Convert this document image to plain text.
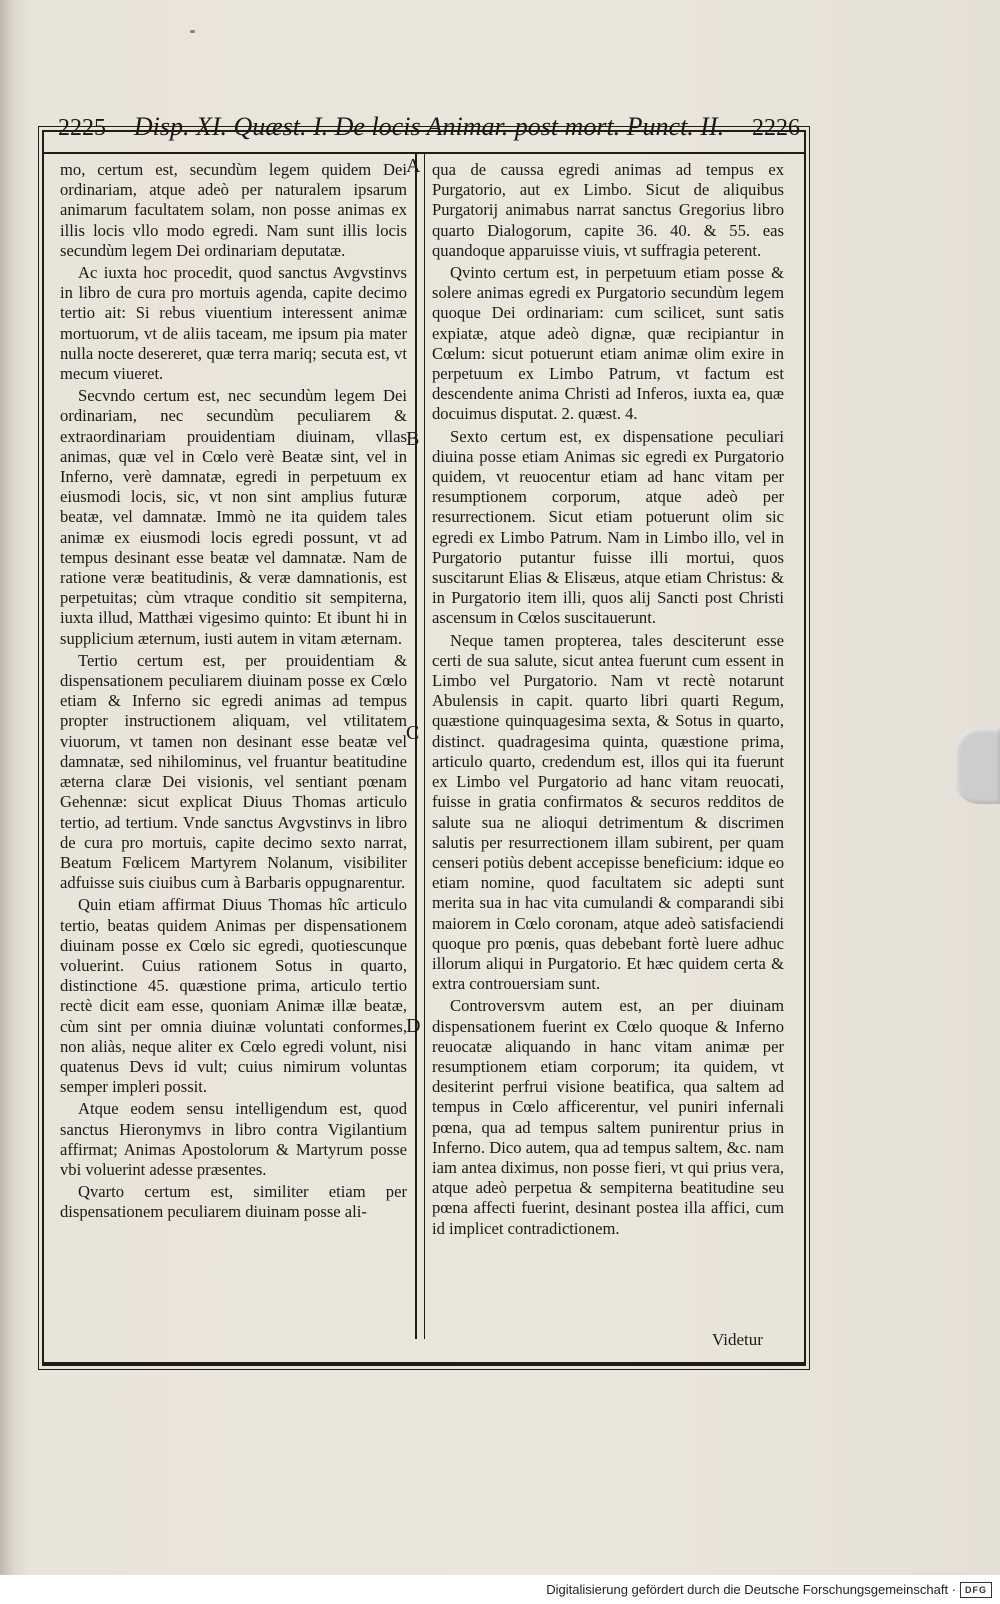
2225 Disp. XI. Quæst. I. De locis Animar. post mort. Punct. II. 2226

mo, certum est, secundùm legem quidem Dei ordinariam, atque adeò per naturalem ipsarum animarum facultatem solam, non posse animas ex illis locis vllo modo egredi. Nam sunt illis locis secundùm legem Dei ordinariam deputatæ.

Ac iuxta hoc procedit, quod sanctus Avgvstinvs in libro de cura pro mortuis agenda, capite decimo tertio ait: Si rebus viuentium interessent animæ mortuorum, vt de aliis taceam, me ipsum pia mater nulla nocte desereret, quæ terra mariq; secuta est, vt mecum viueret.

Secvndo certum est, nec secundùm legem Dei ordinariam, nec secundùm peculiarem & extraordinariam prouidentiam diuinam, vllas animas, quæ vel in Cœlo verè Beatæ sint, vel in Inferno, verè damnatæ, egredi in perpetuum ex eiusmodi locis, sic, vt non sint amplius futuræ beatæ, vel damnatæ. Immò ne ita quidem tales animæ ex eiusmodi locis egredi possunt, vt ad tempus desinant esse beatæ vel damnatæ. Nam de ratione veræ beatitudinis, & veræ damnationis, est perpetuitas; cùm vtraque conditio sit sempiterna, iuxta illud, Matthæi vigesimo quinto: Et ibunt hi in supplicium æternum, iusti autem in vitam æternam.

Tertio certum est, per prouidentiam & dispensationem peculiarem diuinam posse ex Cœlo etiam & Inferno sic egredi animas ad tempus propter instructionem aliquam, vel vtilitatem viuorum, vt tamen non desinant esse beatæ vel damnatæ, sed nihilominus, vel fruantur beatitudine æterna claræ Dei visionis, vel sentiant pœnam Gehennæ: sicut explicat Diuus Thomas articulo tertio, ad tertium. Vnde sanctus Avgvstinvs in libro de cura pro mortuis, capite decimo sexto narrat, Beatum Fœlicem Martyrem Nolanum, visibiliter adfuisse suis ciuibus cum à Barbaris oppugnarentur.

Quin etiam affirmat Diuus Thomas hîc articulo tertio, beatas quidem Animas per dispensationem diuinam posse ex Cœlo sic egredi, quotiescunque voluerint. Cuius rationem Sotus in quarto, distinctione 45. quæstione prima, articulo tertio rectè dicit eam esse, quoniam Animæ illæ beatæ, cùm sint per omnia diuinæ voluntati conformes, non aliàs, neque aliter ex Cœlo egredi volunt, nisi quatenus Devs id vult; cuius nimirum voluntas semper impleri possit.

Atque eodem sensu intelligendum est, quod sanctus Hieronymvs in libro contra Vigilantium affirmat; Animas Apostolorum & Martyrum posse vbi voluerint adesse præsentes.

Qvarto certum est, similiter etiam per dispensationem peculiarem diuinam posse ali-

qua de caussa egredi animas ad tempus ex Purgatorio, aut ex Limbo. Sicut de aliquibus Purgatorij animabus narrat sanctus Gregorius libro quarto Dialogorum, capite 36. 40. & 55. eas quandoque apparuisse viuis, vt suffragia peterent.

Qvinto certum est, in perpetuum etiam posse & solere animas egredi ex Purgatorio secundùm legem quoque Dei ordinariam: cum scilicet, sunt satis expiatæ, atque adeò dignæ, quæ recipiantur in Cœlum: sicut potuerunt etiam animæ olim exire in perpetuum ex Limbo Patrum, vt factum est descendente anima Christi ad Inferos, iuxta ea, quæ docuimus disputat. 2. quæst. 4.

Sexto certum est, ex dispensatione peculiari diuina posse etiam Animas sic egredi ex Purgatorio quidem, vt reuocentur etiam ad hanc vitam per resumptionem corporum, atque adeò per resurrectionem. Sicut etiam potuerunt olim sic egredi ex Limbo Patrum. Nam in Limbo illo, vel in Purgatorio putantur fuisse illi mortui, quos suscitarunt Elias & Elisæus, atque etiam Christus: & in Purgatorio item illi, quos alij Sancti post Christi ascensum in Cœlos suscitauerunt.

Neque tamen propterea, tales desciterunt esse certi de sua salute, sicut antea fuerunt cum essent in Limbo vel Purgatorio. Nam vt rectè notarunt Abulensis in capit. quarto libri quarti Regum, quæstione quinquagesima sexta, & Sotus in quarto, distinct. quadragesima quinta, quæstione prima, articulo quarto, credendum est, illos qui ita fuerunt ex Limbo vel Purgatorio ad hanc vitam reuocati, fuisse in gratia confirmatos & securos redditos de salute sua ne alioqui detrimentum & discrimen salutis per resurrectionem illam subirent, per quam censeri potiùs debent accepisse beneficium: idque eo etiam nomine, quod facultatem sic adepti sunt merita sua in hac vita cumulandi & comparandi sibi maiorem in Cœlo coronam, atque adeò satisfaciendi quoque pro pœnis, quas debebant fortè luere adhuc illorum aliqui in Purgatorio. Et hæc quidem certa & extra controuersiam sunt.

Controversvm autem est, an per diuinam dispensationem fuerint ex Cœlo quoque & Inferno reuocatæ aliquando in hanc vitam animæ per resumptionem etiam corporum; ita quidem, vt desiterint perfrui visione beatifica, qua saltem ad tempus in Cœlo afficerentur, vel puniri infernali pœna, qua ad tempus saltem punirentur prius in Inferno. Dico autem, qua ad tempus saltem, &c. nam iam antea diximus, non posse fieri, vt qui prius vera, atque adeò perpetua & sempiterna beatitudine seu pœna affecti fuerint, desinant postea illa affici, cum id implicet contradictionem.

A
B
C
D
Videtur
Digitalisierung gefördert durch die Deutsche Forschungsgemeinschaft ·	DFG
